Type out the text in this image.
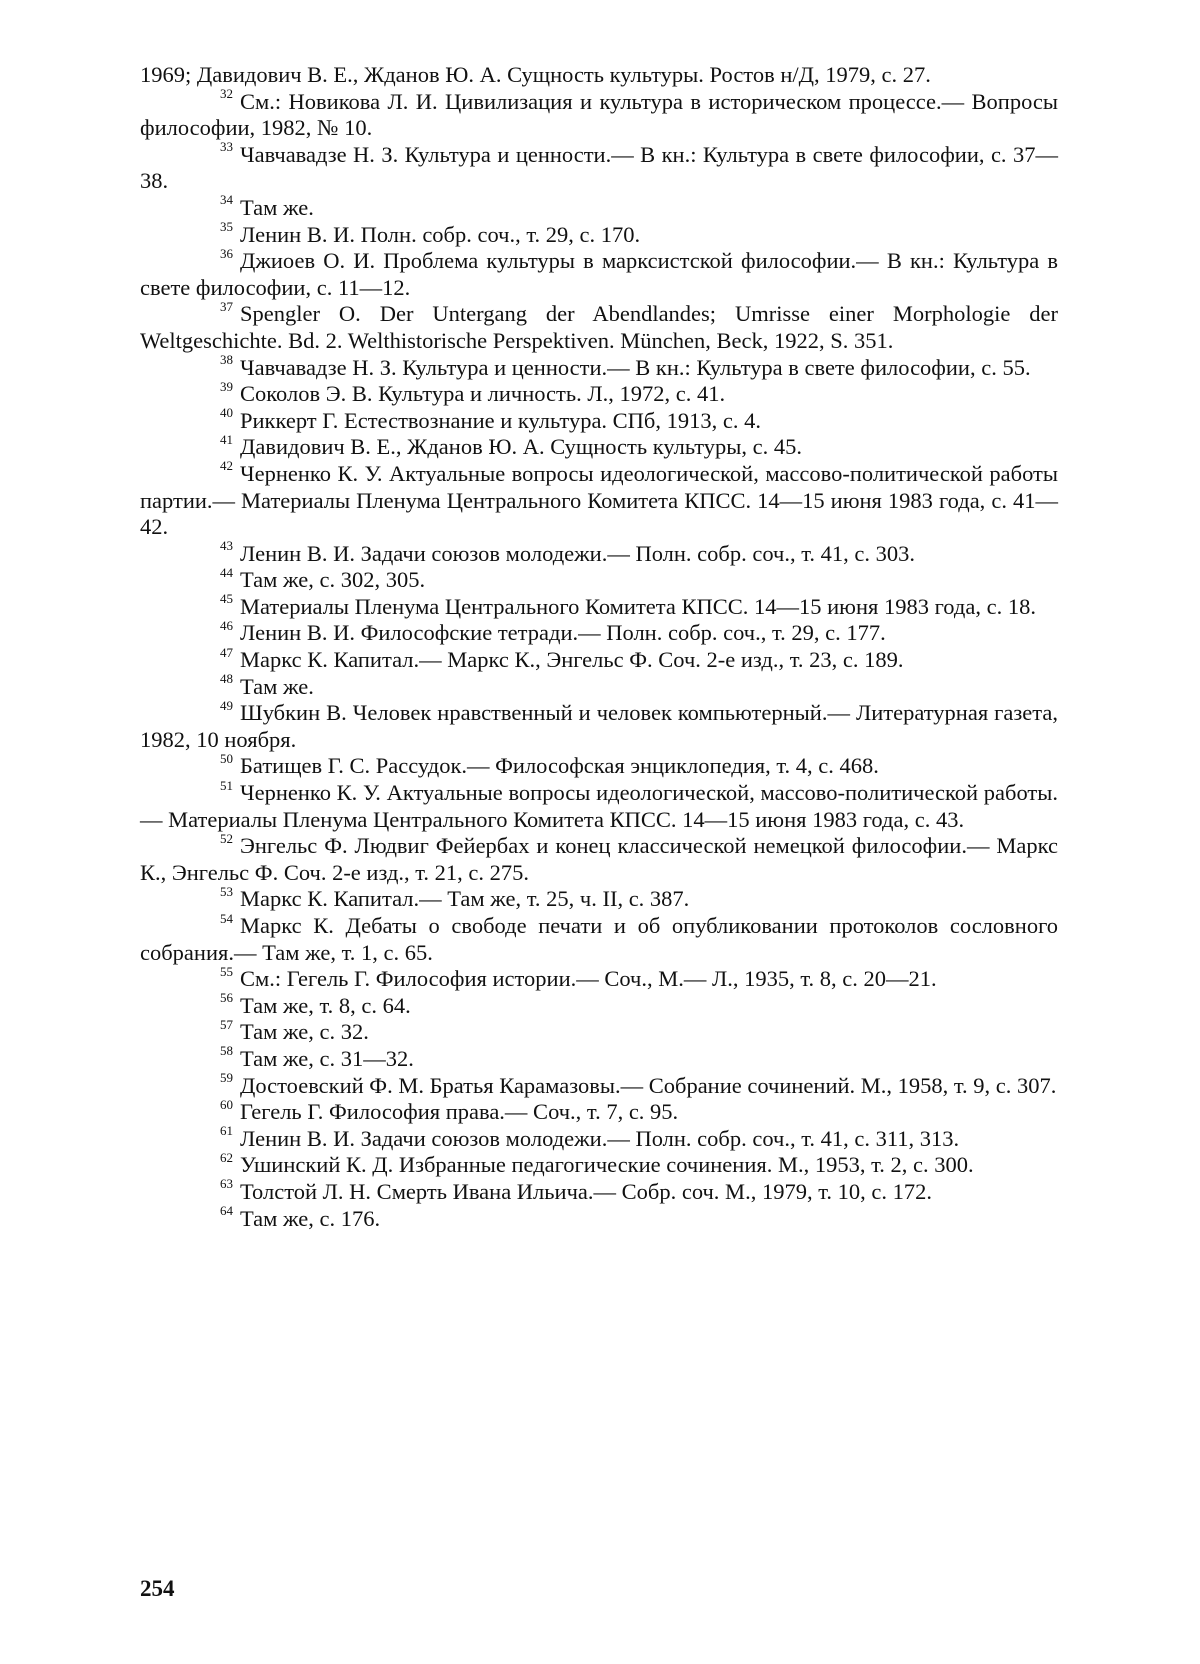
1969; Давидович В. Е., Жданов Ю. А. Сущность культуры. Ростов н/Д, 1979, с. 27.

$^{32}$ См.: Новикова Л. И. Цивилизация и культура в историческом процессе.— Вопросы философии, 1982, № 10.

$^{33}$ Чавчавадзе Н. З. Культура и ценности.— В кн.: Культура в свете философии, с. 37—38.

$^{34}$ Там же.

$^{35}$ Ленин В. И. Полн. собр. соч., т. 29, с. 170.

$^{36}$ Джиоев О. И. Проблема культуры в марксистской философии.— В кн.: Культура в свете философии, с. 11—12.

$^{37}$ Spengler O. Der Untergang der Abendlandes; Umrisse einer Morphologie der Weltgeschichte. Bd. 2. Welthistorische Perspektiven. München, Beck, 1922, S. 351.

$^{38}$ Чавчавадзе Н. З. Культура и ценности.— В кн.: Культура в свете философии, с. 55.

$^{39}$ Соколов Э. В. Культура и личность. Л., 1972, с. 41.

$^{40}$ Риккерт Г. Естествознание и культура. СПб, 1913, с. 4.

$^{41}$ Давидович В. Е., Жданов Ю. А. Сущность культуры, с. 45.

$^{42}$ Черненко К. У. Актуальные вопросы идеологической, массово-политической работы партии.— Материалы Пленума Центрального Комитета КПСС. 14—15 июня 1983 года, с. 41—42.

$^{43}$ Ленин В. И. Задачи союзов молодежи.— Полн. собр. соч., т. 41, с. 303.

$^{44}$ Там же, с. 302, 305.

$^{45}$ Материалы Пленума Центрального Комитета КПСС. 14—15 июня 1983 года, с. 18.

$^{46}$ Ленин В. И. Философские тетради.— Полн. собр. соч., т. 29, с. 177.

$^{47}$ Маркс К. Капитал.— Маркс К., Энгельс Ф. Соч. 2-е изд., т. 23, с. 189.

$^{48}$ Там же.

$^{49}$ Шубкин В. Человек нравственный и человек компьютерный.— Литературная газета, 1982, 10 ноября.

$^{50}$ Батищев Г. С. Рассудок.— Философская энциклопедия, т. 4, с. 468.

$^{51}$ Черненко К. У. Актуальные вопросы идеологической, массово-политической работы.— Материалы Пленума Центрального Комитета КПСС. 14—15 июня 1983 года, с. 43.

$^{52}$ Энгельс Ф. Людвиг Фейербах и конец классической немецкой философии.— Маркс К., Энгельс Ф. Соч. 2-е изд., т. 21, с. 275.

$^{53}$ Маркс К. Капитал.— Там же, т. 25, ч. II, с. 387.

$^{54}$ Маркс К. Дебаты о свободе печати и об опубликовании протоколов сословного собрания.— Там же, т. 1, с. 65.

$^{55}$ См.: Гегель Г. Философия истории.— Соч., М.— Л., 1935, т. 8, с. 20—21.

$^{56}$ Там же, т. 8, с. 64.

$^{57}$ Там же, с. 32.

$^{58}$ Там же, с. 31—32.

$^{59}$ Достоевский Ф. М. Братья Карамазовы.— Собрание сочинений. М., 1958, т. 9, с. 307.

$^{60}$ Гегель Г. Философия права.— Соч., т. 7, с. 95.

$^{61}$ Ленин В. И. Задачи союзов молодежи.— Полн. собр. соч., т. 41, с. 311, 313.

$^{62}$ Ушинский К. Д. Избранные педагогические сочинения. М., 1953, т. 2, с. 300.

$^{63}$ Толстой Л. Н. Смерть Ивана Ильича.— Собр. соч. М., 1979, т. 10, с. 172.

$^{64}$ Там же, с. 176.

254
